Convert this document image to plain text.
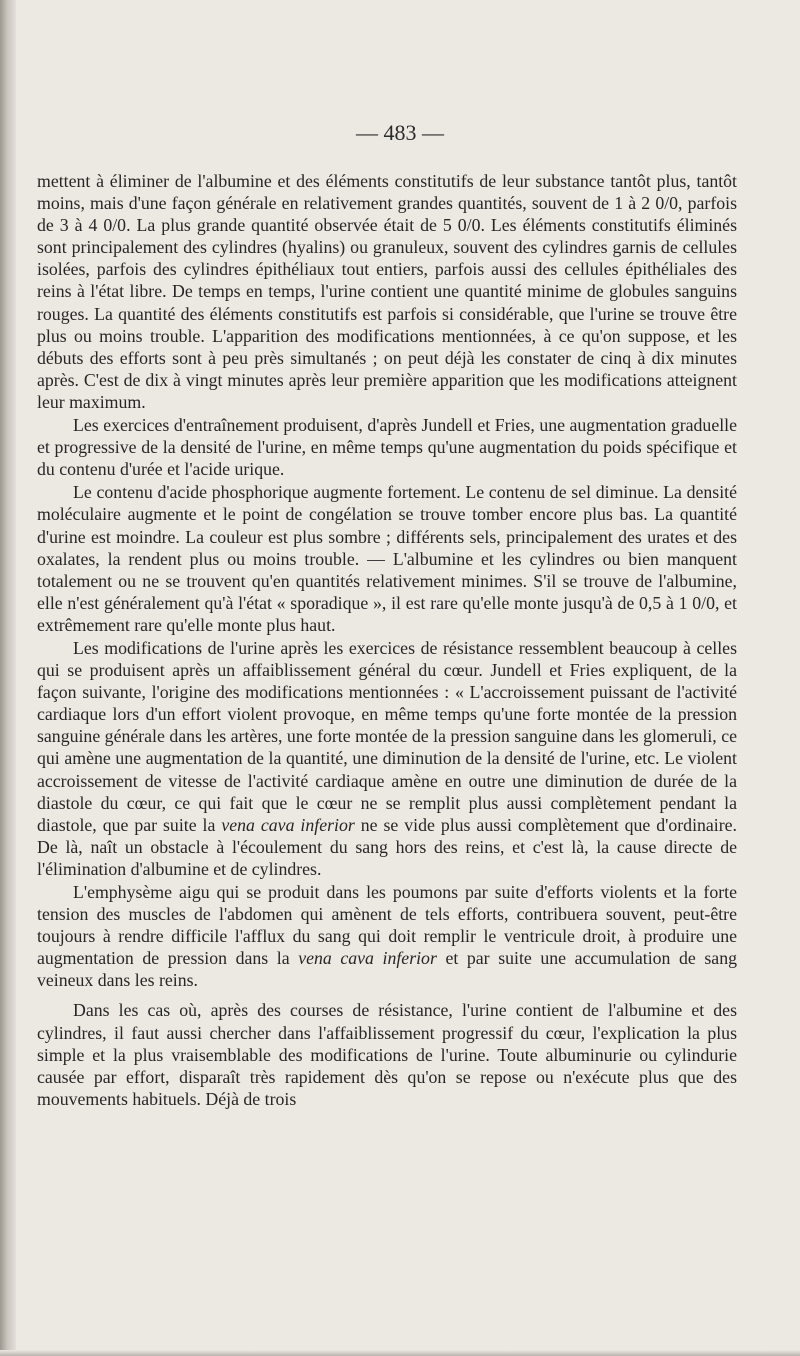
— 483 —

mettent à éliminer de l'albumine et des éléments constitutifs de leur substance tantôt plus, tantôt moins, mais d'une façon générale en relativement grandes quantités, souvent de 1 à 2 0/0, parfois de 3 à 4 0/0. La plus grande quantité observée était de 5 0/0. Les éléments constitutifs éliminés sont principalement des cylindres (hyalins) ou granuleux, souvent des cylindres garnis de cellules isolées, parfois des cylindres épithéliaux tout entiers, parfois aussi des cellules épithéliales des reins à l'état libre. De temps en temps, l'urine contient une quantité minime de globules sanguins rouges. La quantité des éléments constitutifs est parfois si considérable, que l'urine se trouve être plus ou moins trouble. L'apparition des modifications mentionnées, à ce qu'on suppose, et les débuts des efforts sont à peu près simultanés ; on peut déjà les constater de cinq à dix minutes après. C'est de dix à vingt minutes après leur première apparition que les modifications atteignent leur maximum.

Les exercices d'entraînement produisent, d'après Jundell et Fries, une augmentation graduelle et progressive de la densité de l'urine, en même temps qu'une augmentation du poids spécifique et du contenu d'urée et l'acide urique.

Le contenu d'acide phosphorique augmente fortement. Le contenu de sel diminue. La densité moléculaire augmente et le point de congélation se trouve tomber encore plus bas. La quantité d'urine est moindre. La couleur est plus sombre ; différents sels, principalement des urates et des oxalates, la rendent plus ou moins trouble. — L'albumine et les cylindres ou bien manquent totalement ou ne se trouvent qu'en quantités relativement minimes. S'il se trouve de l'albumine, elle n'est généralement qu'à l'état « sporadique », il est rare qu'elle monte jusqu'à de 0,5 à 1 0/0, et extrêmement rare qu'elle monte plus haut.

Les modifications de l'urine après les exercices de résistance ressemblent beaucoup à celles qui se produisent après un affaiblissement général du cœur. Jundell et Fries expliquent, de la façon suivante, l'origine des modifications mentionnées : « L'accroissement puissant de l'activité cardiaque lors d'un effort violent provoque, en même temps qu'une forte montée de la pression sanguine générale dans les artères, une forte montée de la pression sanguine dans les glomeruli, ce qui amène une augmentation de la quantité, une diminution de la densité de l'urine, etc. Le violent accroissement de vitesse de l'activité cardiaque amène en outre une diminution de durée de la diastole du cœur, ce qui fait que le cœur ne se remplit plus aussi complètement pendant la diastole, que par suite la vena cava inferior ne se vide plus aussi complètement que d'ordinaire. De là, naît un obstacle à l'écoulement du sang hors des reins, et c'est là, la cause directe de l'élimination d'albumine et de cylindres.

L'emphysème aigu qui se produit dans les poumons par suite d'efforts violents et la forte tension des muscles de l'abdomen qui amènent de tels efforts, contribuera souvent, peut-être toujours à rendre difficile l'afflux du sang qui doit remplir le ventricule droit, à produire une augmentation de pression dans la vena cava inferior et par suite une accumulation de sang veineux dans les reins.

Dans les cas où, après des courses de résistance, l'urine contient de l'albumine et des cylindres, il faut aussi chercher dans l'affaiblissement progressif du cœur, l'explication la plus simple et la plus vraisemblable des modifications de l'urine. Toute albuminurie ou cylindurie causée par effort, disparaît très rapidement dès qu'on se repose ou n'exécute plus que des mouvements habituels. Déjà de trois
